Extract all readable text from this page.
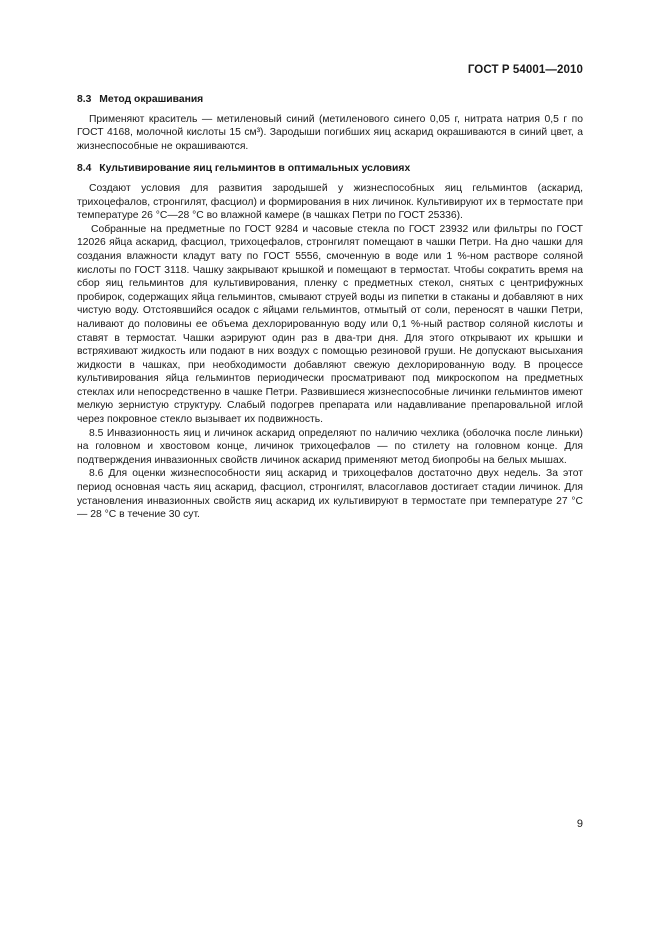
ГОСТ Р 54001—2010
8.3 Метод окрашивания

Применяют краситель — метиленовый синий (метиленового синего 0,05 г, нитрата натрия 0,5 г по ГОСТ 4168, молочной кислоты 15 см³). Зародыши погибших яиц аскарид окрашиваются в синий цвет, а жизнеспособные не окрашиваются.

8.4 Культивирование яиц гельминтов в оптимальных условиях

Создают условия для развития зародышей у жизнеспособных яиц гельминтов (аскарид, трихоцефалов, стронгилят, фасциол) и формирования в них личинок. Культивируют их в термостате при температуре 26 °С—28 °С во влажной камере (в чашках Петри по ГОСТ 25336).

Собранные на предметные по ГОСТ 9284 и часовые стекла по ГОСТ 23932 или фильтры по ГОСТ 12026 яйца аскарид, фасциол, трихоцефалов, стронгилят помещают в чашки Петри. На дно чашки для создания влажности кладут вату по ГОСТ 5556, смоченную в воде или 1 %-ном растворе соляной кислоты по ГОСТ 3118. Чашку закрывают крышкой и помещают в термостат. Чтобы сократить время на сбор яиц гельминтов для культивирования, пленку с предметных стекол, снятых с центрифужных пробирок, содержащих яйца гельминтов, смывают струей воды из пипетки в стаканы и добавляют в них чистую воду. Отстоявшийся осадок с яйцами гельминтов, отмытый от соли, переносят в чашки Петри, наливают до половины ее объема дехлорированную воду или 0,1 %-ный раствор соляной кислоты и ставят в термостат. Чашки аэрируют один раз в два-три дня. Для этого открывают их крышки и встряхивают жидкость или подают в них воздух с помощью резиновой груши. Не допускают высыхания жидкости в чашках, при необходимости добавляют свежую дехлорированную воду. В процессе культивирования яйца гельминтов периодически просматривают под микроскопом на предметных стеклах или непосредственно в чашке Петри. Развившиеся жизнеспособные личинки гельминтов имеют мелкую зернистую структуру. Слабый подогрев препарата или надавливание препаровальной иглой через покровное стекло вызывает их подвижность.

8.5 Инвазионность яиц и личинок аскарид определяют по наличию чехлика (оболочка после линьки) на головном и хвостовом конце, личинок трихоцефалов — по стилету на головном конце. Для подтверждения инвазионных свойств личинок аскарид применяют метод биопробы на белых мышах.

8.6 Для оценки жизнеспособности яиц аскарид и трихоцефалов достаточно двух недель. За этот период основная часть яиц аскарид, фасциол, стронгилят, власоглавов достигает стадии личинок. Для установления инвазионных свойств яиц аскарид их культивируют в термостате при температуре 27 °С — 28 °С в течение 30 сут.

9
